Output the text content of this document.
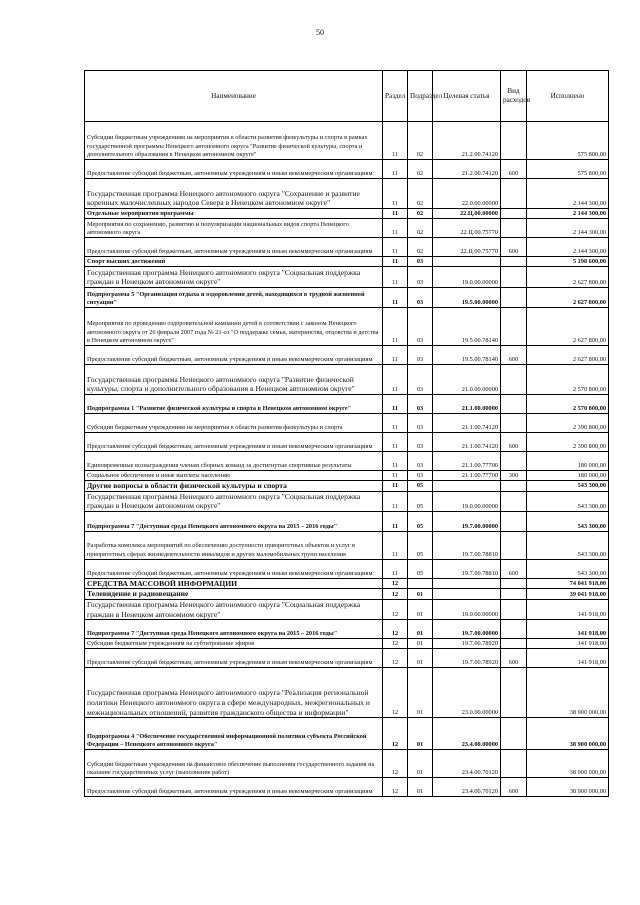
50
Наименование	Раздел	Подраздел	Целевая статья	Вид расходов	Исполнено
Субсидии бюджетным учреждениям на мероприятия в области развития физкультуры и спорта в рамках государственной программы Ненецкого автономного округа "Развитие физической культуры, спорта и дополнительного образования в Ненецком автономном округе"	11	02	21.2.00.74120		575 800,00
Предоставление субсидий бюджетным, автономным учреждениям и иным некоммерческим организациям	11	02	21.2.00.74120	600	575 800,00
Государственная программа Ненецкого автономного округа "Сохранение и развитие коренных малочисленных народов Севера в Ненецком автономном округе"	11	02	22.0.00.00000		2 144 300,00
Отдельные мероприятия программы	11	02	22.Ц.00.00000		2 144 300,00
Мероприятия по сохранению, развитию и популяризации национальных видов спорта Ненецкого автономного округа	11	02	22.Ц.00.75770		2 144 300,00
Предоставление субсидий бюджетным, автономным учреждениям и иным некоммерческим организациям	11	02	22.Ц.00.75770	600	2 144 300,00
Спорт высших достижений	11	03			5 198 600,00
Государственная программа Ненецкого автономного округа "Социальная поддержка граждан в Ненецком автономном округе"	11	03	19.0.00.00000		2 627 800,00
Подпрограмма 5 "Организация отдыха и оздоровления детей, находящихся в трудной жизненной ситуации"	11	03	19.5.00.00000		2 627 800,00
Мероприятия по проведению оздоровительной кампании детей в соответствии с законом Ненецкого автономного округа от 26 февраля 2007 года № 21-оз "О поддержке семьи, материнства, отцовства и детства в Ненецком автономном округе"	11	03	19.5.00.78140		2 627 800,00
Предоставление субсидий бюджетным, автономным учреждениям и иным некоммерческим организациям	11	03	19.5.00.78140	600	2 627 800,00
Государственная программа Ненецкого автономного округа "Развитие физической культуры, спорта и дополнительного образования в Ненецком автономном округе"	11	03	21.0.00.00000		2 570 800,00
Подпрограмма 1 "Развитие физической культуры и спорта в Ненецком автономном округе"	11	03	21.1.00.00000		2 570 800,00
Субсидии бюджетным учреждениям на мероприятия в области развития физкультуры и спорта	11	03	21.1.00.74120		2 390 800,00
Предоставление субсидий бюджетным, автономным учреждениям и иным некоммерческим организациям	11	03	21.1.00.74120	600	2 390 800,00
Единовременные вознаграждения членам сборных команд за достигнутые спортивные результаты	11	03	21.1.00.77700		180 000,00
Социальное обеспечение и иные выплаты населению	11	03	21.1.00.77700	300	180 000,00
Другие вопросы в области физической культуры и спорта	11	05			543 300,00
Государственная программа Ненецкого автономного округа "Социальная поддержка граждан в Ненецком автономном округе"	11	05	19.0.00.00000		543 300,00
Подпрограмма 7 "Доступная среда Ненецкого автономного округа на 2015 – 2016 годы"	11	05	19.7.00.00000		543 300,00
Разработка комплекса мероприятий по обеспечению доступности приоритетных объектов и услуг в приоритетных сферах жизнедеятельности инвалидов и других маломобильных групп населения	11	05	19.7.00.78810		543 300,00
Предоставление субсидий бюджетным, автономным учреждениям и иным некоммерческим организациям	11	05	19.7.00.78810	600	543 300,00
СРЕДСТВА МАССОВОЙ ИНФОРМАЦИИ	12				74 041 918,00
Телевидение и радиовещание	12	01			39 041 918,00
Государственная программа Ненецкого автономного округа "Социальная поддержка граждан в Ненецком автономном округе"	12	01	19.0.00.00000		141 918,00
Подпрограмма 7 "Доступная среда Ненецкого автономного округа на 2015 – 2016 годы"	12	01	19.7.00.00000		141 918,00
Субсидия бюджетным учреждениям на субтитрование эфиров	12	01	19.7.00.78920		141 918,00
Предоставление субсидий бюджетным, автономным учреждениям и иным некоммерческим организациям	12	01	19.7.00.78920	600	141 918,00
Государственная программа Ненецкого автономного округа "Реализация региональной политики Ненецкого автономного округа в сфере международных, межрегиональных и межнациональных отношений, развития гражданского общества и информации"	12	01	23.0.00.00000		38 900 000,00
Подпрограмма 4 "Обеспечение государственной информационной политики субъекта Российской Федерации – Ненецкого автономного округа"	12	01	23.4.00.00000		38 900 000,00
Субсидии бюджетным учреждениям на финансовое обеспечение выполнения государственного задания на оказание государственных услуг (выполнение работ)	12	01	23.4.00.70120		38 900 000,00
Предоставление субсидий бюджетным, автономным учреждениям и иным некоммерческим организациям	12	01	23.4.00.70120	600	38 900 000,00
